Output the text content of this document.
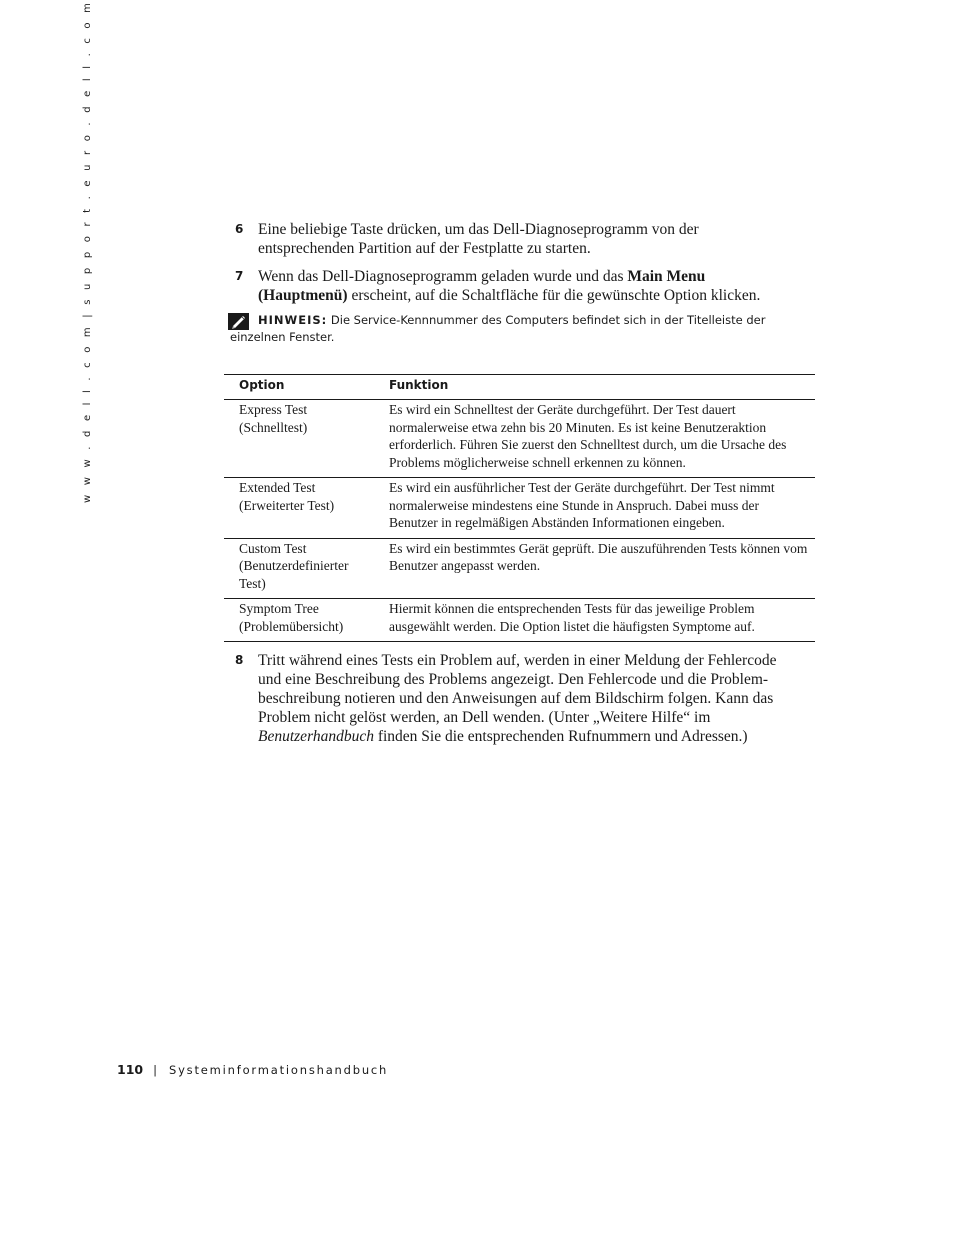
w w w . d e l l . c o m | s u p p o r t . e u r o . d e l l . c o m	6 Eine beliebige Taste drücken, um das Dell-Diagnoseprogramm von der entsprechenden Partition auf der Festplatte zu starten.
7 Wenn das Dell-Diagnoseprogramm geladen wurde und das Main Menu (Hauptmenü) erscheint, auf die Schaltfläche für die gewünschte Option klicken.
HINWEIS: Die Service-Kennnummer des Computers befindet sich in der Titelleiste der
einzelnen Fenster.
Option	Funktion
Express Test (Schnelltest)	Es wird ein Schnelltest der Geräte durchgeführt. Der Test dauert normalerweise etwa zehn bis 20 Minuten. Es ist keine Benutzeraktion erforderlich. Führen Sie zuerst den Schnelltest durch, um die Ursache des Problems möglicherweise schnell erkennen zu können.
Extended Test (Erweiterter Test)	Es wird ein ausführlicher Test der Geräte durchgeführt. Der Test nimmt normalerweise mindestens eine Stunde in Anspruch. Dabei muss der Benutzer in regelmäßigen Abständen Informationen eingeben.
Custom Test (Benutzerdefinierter Test)	Es wird ein bestimmtes Gerät geprüft. Die auszuführenden Tests können vom Benutzer angepasst werden.
Symptom Tree (Problemübersicht)	Hiermit können die entsprechenden Tests für das jeweilige Problem ausgewählt werden. Die Option listet die häufigsten Symptome auf.
8 Tritt während eines Tests ein Problem auf, werden in einer Meldung der Fehlercode und eine Beschreibung des Problems angezeigt. Den Fehlercode und die Problem-beschreibung notieren und den Anweisungen auf dem Bildschirm folgen. Kann das Problem nicht gelöst werden, an Dell wenden. (Unter „Weitere Hilfe“ im Benutzerhandbuch finden Sie die entsprechenden Rufnummern und Adressen.)
110 | Systeminformationshandbuch
